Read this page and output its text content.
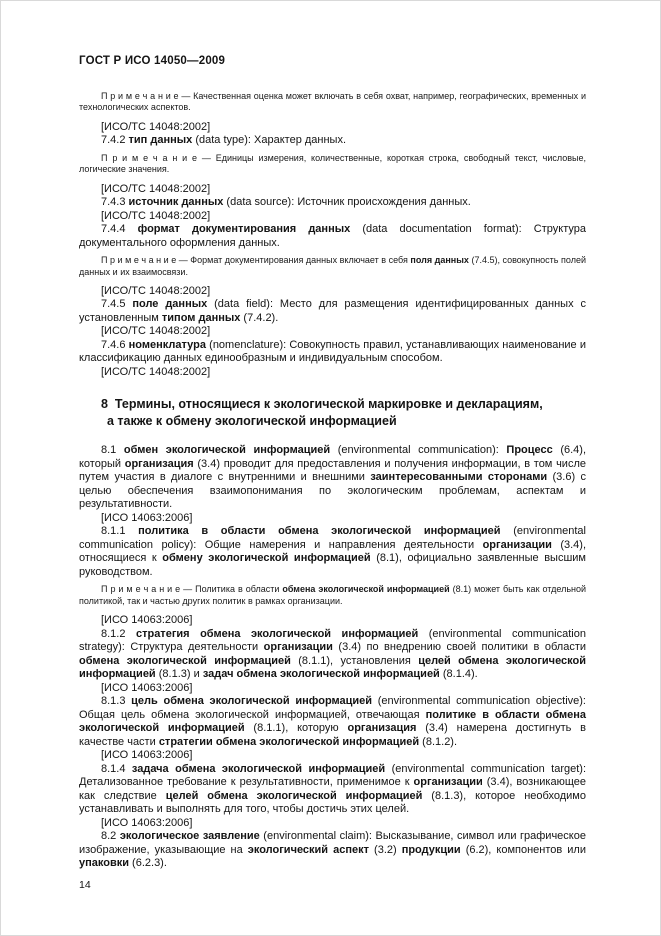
ГОСТ Р ИСО 14050—2009

П р и м е ч а н и е — Качественная оценка может включать в себя охват, например, географических, временных и технологических аспектов.

[ИСО/ТС 14048:2002]

7.4.2 тип данных (data type): Характер данных.

П р и м е ч а н и е — Единицы измерения, количественные, короткая строка, свободный текст, числовые, логические значения.

[ИСО/ТС 14048:2002]

7.4.3 источник данных (data source): Источник происхождения данных.

[ИСО/ТС 14048:2002]

7.4.4 формат документирования данных (data documentation format): Структура документального оформления данных.

П р и м е ч а н и е — Формат документирования данных включает в себя поля данных (7.4.5), совокупность полей данных и их взаимосвязи.

[ИСО/ТС 14048:2002]

7.4.5 поле данных (data field): Место для размещения идентифицированных данных с установленным типом данных (7.4.2).

[ИСО/ТС 14048:2002]

7.4.6 номенклатура (nomenclature): Совокупность правил, устанавливающих наименование и классификацию данных единообразным и индивидуальным способом.

[ИСО/ТС 14048:2002]

8  Термины, относящиеся к экологической маркировке и декларациям,
а также к обмену экологической информацией

8.1 обмен экологической информацией (environmental communication): Процесс (6.4), который организация (3.4) проводит для предоставления и получения информации, в том числе путем участия в диалоге с внутренними и внешними заинтересованными сторонами (3.6) с целью обеспечения взаимопонимания по экологическим проблемам, аспектам и результативности.

[ИСО 14063:2006]

8.1.1 политика в области обмена экологической информацией (environmental communication policy): Общие намерения и направления деятельности организации (3.4), относящиеся к обмену экологической информацией (8.1), официально заявленные высшим руководством.

П р и м е ч а н и е — Политика в области обмена экологической информацией (8.1) может быть как отдельной политикой, так и частью других политик в рамках организации.

[ИСО 14063:2006]

8.1.2 стратегия обмена экологической информацией (environmental communication strategy): Структура деятельности организации (3.4) по внедрению своей политики в области обмена экологической информацией (8.1.1), установления целей обмена экологической информацией (8.1.3) и задач обмена экологической информацией (8.1.4).

[ИСО 14063:2006]

8.1.3 цель обмена экологической информацией (environmental communication objective): Общая цель обмена экологической информацией, отвечающая политике в области обмена экологической информацией (8.1.1), которую организация (3.4) намерена достигнуть в качестве части стратегии обмена экологической информацией (8.1.2).

[ИСО 14063:2006]

8.1.4 задача обмена экологической информацией (environmental communication target): Детализованное требование к результативности, применимое к организации (3.4), возникающее как следствие целей обмена экологической информацией (8.1.3), которое необходимо устанавливать и выполнять для того, чтобы достичь этих целей.

[ИСО 14063:2006]

8.2 экологическое заявление (environmental claim): Высказывание, символ или графическое изображение, указывающие на экологический аспект (3.2) продукции (6.2), компонентов или упаковки (6.2.3).

14
